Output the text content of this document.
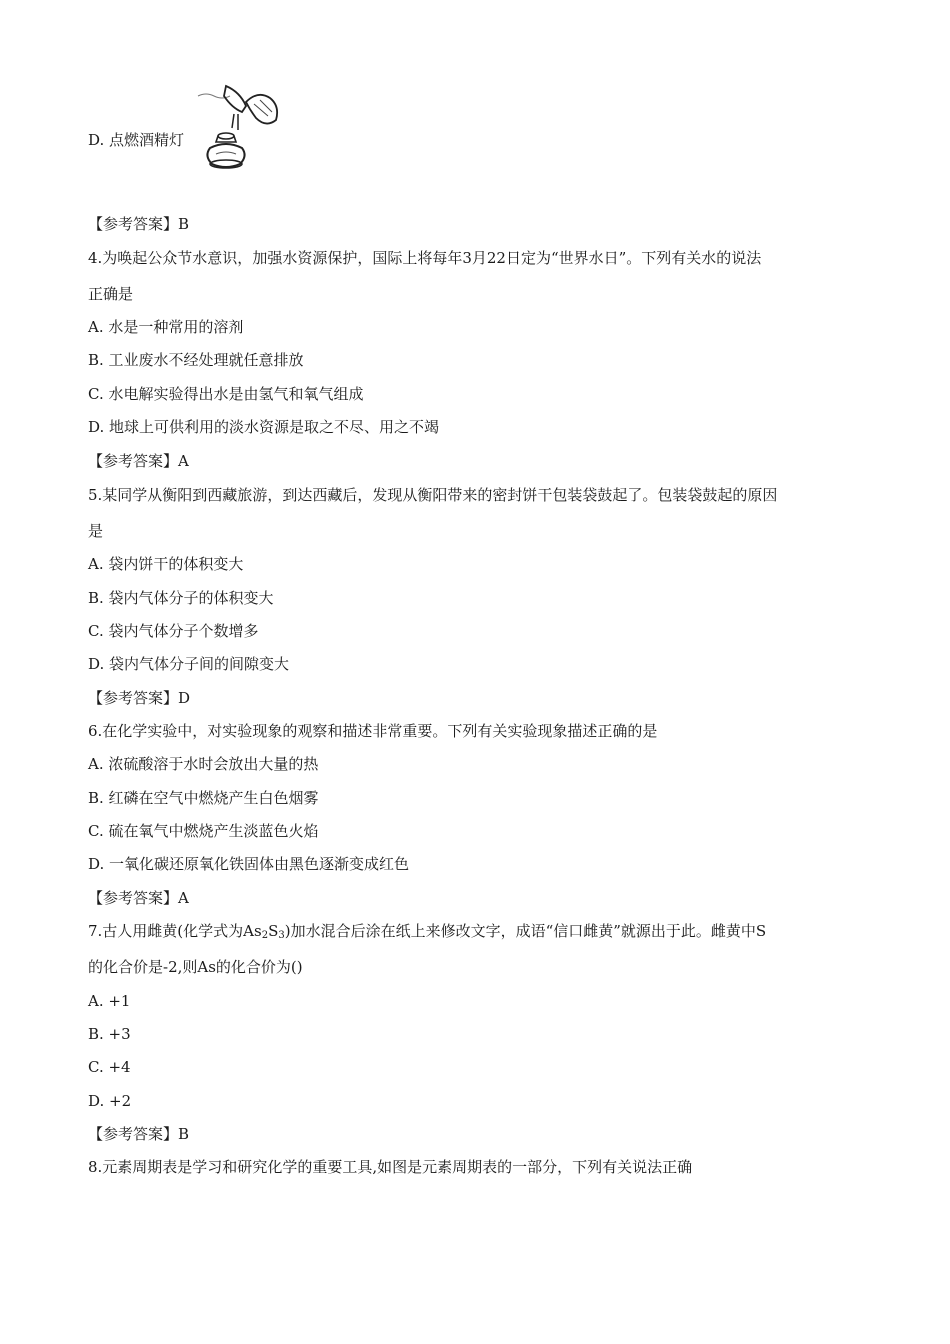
D. 点燃酒精灯
【参考答案】B
4.为唤起公众节水意识，加强水资源保护，国际上将每年3月22日定为“世界水日”。下列有关水的说法
正确是
A. 水是一种常用的溶剂
B. 工业废水不经处理就任意排放
C. 水电解实验得出水是由氢气和氧气组成
D. 地球上可供利用的淡水资源是取之不尽、用之不竭
【参考答案】A
5.某同学从衡阳到西藏旅游，到达西藏后，发现从衡阳带来的密封饼干包装袋鼓起了。包装袋鼓起的原因
是
A. 袋内饼干的体积变大
B. 袋内气体分子的体积变大
C. 袋内气体分子个数增多
D. 袋内气体分子间的间隙变大
【参考答案】D
6.在化学实验中，对实验现象的观察和描述非常重要。下列有关实验现象描述正确的是
A. 浓硫酸溶于水时会放出大量的热
B. 红磷在空气中燃烧产生白色烟雾
C. 硫在氧气中燃烧产生淡蓝色火焰
D. 一氧化碳还原氧化铁固体由黑色逐渐变成红色
【参考答案】A
7.古人用雌黄(化学式为$As_2S_3$)加水混合后涂在纸上来修改文字，成语“信口雌黄”就源出于此。雌黄中S
的化合价是-2,则As的化合价为()
A. +1
B. +3
C. +4
D. +2
【参考答案】B
8.元素周期表是学习和研究化学的重要工具,如图是元素周期表的一部分，下列有关说法正确
